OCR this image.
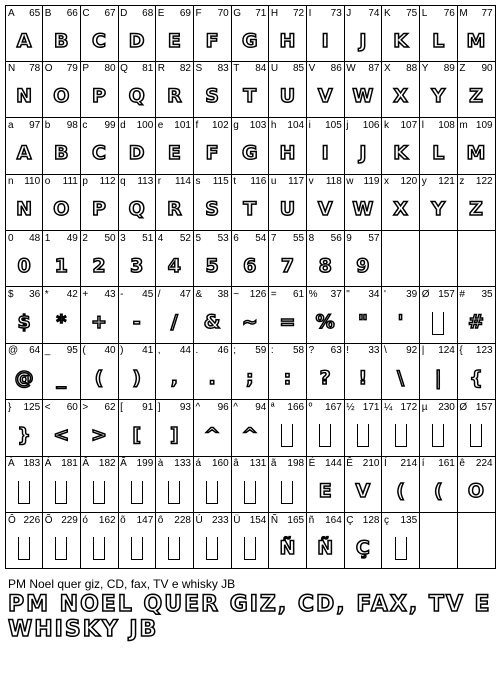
A 65
A
B 66
B
C 67
C
D 68
D
E 69
E
F 70
F
G 71
G
H 72
H
I 73
I
J 74
J
K 75
K
L 76
L
M 77
M
N 78
N
O 79
O
P 80
P
Q 81
Q
R 82
R
S 83
S
T 84
T
U 85
U
V 86
V
W 87
W
X 88
X
Y 89
Y
Z 90
Z
a 97
A
b 98
B
c 99
C
d 100
D
e 101
E
f 102
F
g 103
G
h 104
H
i 105
I
j 106
J
k 107
K
l 108
L
m 109
M
n 110
N
o 111
O
p 112
P
q 113
Q
r 114
R
s 115
S
t 116
T
u 117
U
v 118
V
w 119
W
x 120
X
y 121
Y
z 122
Z
0 48
0
1 49
1
2 50
2
3 51
3
4 52
4
5 53
5
6 54
6
7 55
7
8 56
8
9 57
9
$ 36
$
* 42
*
+ 43
+
- 45
-
/ 47
/
& 38
&
~ 126
~
= 61
=
% 37
%
" 34
"
' 39
'
Ø 157 # 35
#
@ 64
@
_ 95
_
( 40
(
) 41
)
, 44
,
. 46
.
; 59
;
: 58
:
? 63
?
! 33
!
\ 92
\
| 124
|
{ 123
{
} 125
}
< 60
<
> 62
>
[ 91
[
] 93
]
^ 96
^
^ 94
^
ª 166 º 167 ½ 171 ¼ 172 µ 230 Ø 157
À 183 Á 181 Â 182 Ã 199 à 133 á 160 â 131 ã 198 É 144
E
Ê 210
V
Í 214
(
í 161
(
ê 224
O
Ô 226 Õ 229 ó 162 õ 147 ô 228 Ú 233 Ü 154 Ñ 165
Ñ
ñ 164
Ñ
Ç 128
Ç
ç 135
PM Noel quer giz, CD, fax, TV e whisky JB
PM NOEL QUER GIZ, CD, FAX, TV E
WHISKY JB
